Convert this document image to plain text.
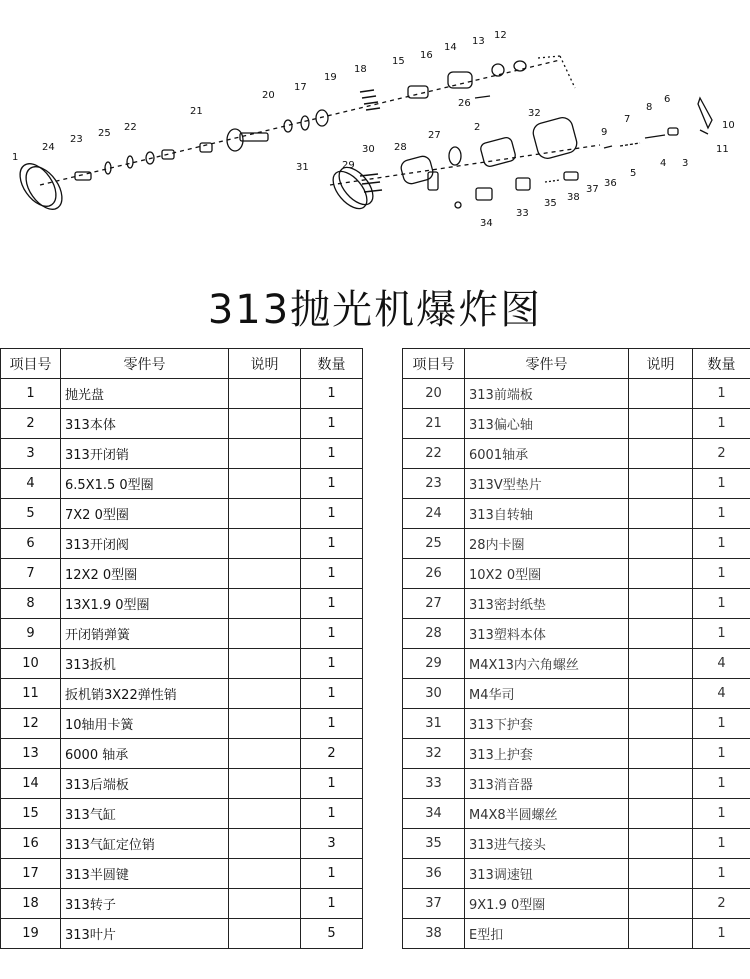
1
24
23
25
22
21
20
17
19
18
15
16
14
13
12
26
31	29
30 28
27
2
32
33
34
35
38
37
36
9
7
8
6
10
11
4
5
3
313抛光机爆炸图
项目号	零件号	说明	数量
1	抛光盘		1
2	313本体		1
3	313开闭销		1
4	6.5X1.5 0型圈		1
5	7X2 0型圈		1
6	313开闭阀		1
7	12X2 0型圈		1
8	13X1.9 0型圈		1
9	开闭销弹簧		1
10	313扳机		1
11	扳机销3X22弹性销		1
12	10轴用卡簧		1
13	6000 轴承		2
14	313后端板		1
15	313气缸		1
16	313气缸定位销		3
17	313半圆键		1
18	313转子		1
19	313叶片		5
项目号	零件号	说明	数量
20	313前端板		1
21	313偏心轴		1
22	6001轴承		2
23	313V型垫片		1
24	313自转轴		1
25	28内卡圈		1
26	10X2 0型圈		1
27	313密封纸垫		1
28	313塑料本体		1
29	M4X13内六角螺丝		4
30	M4华司		4
31	313下护套		1
32	313上护套		1
33	313消音器		1
34	M4X8半圆螺丝		1
35	313进气接头		1
36	313调速钮		1
37	9X1.9 0型圈		2
38	E型扣		1
